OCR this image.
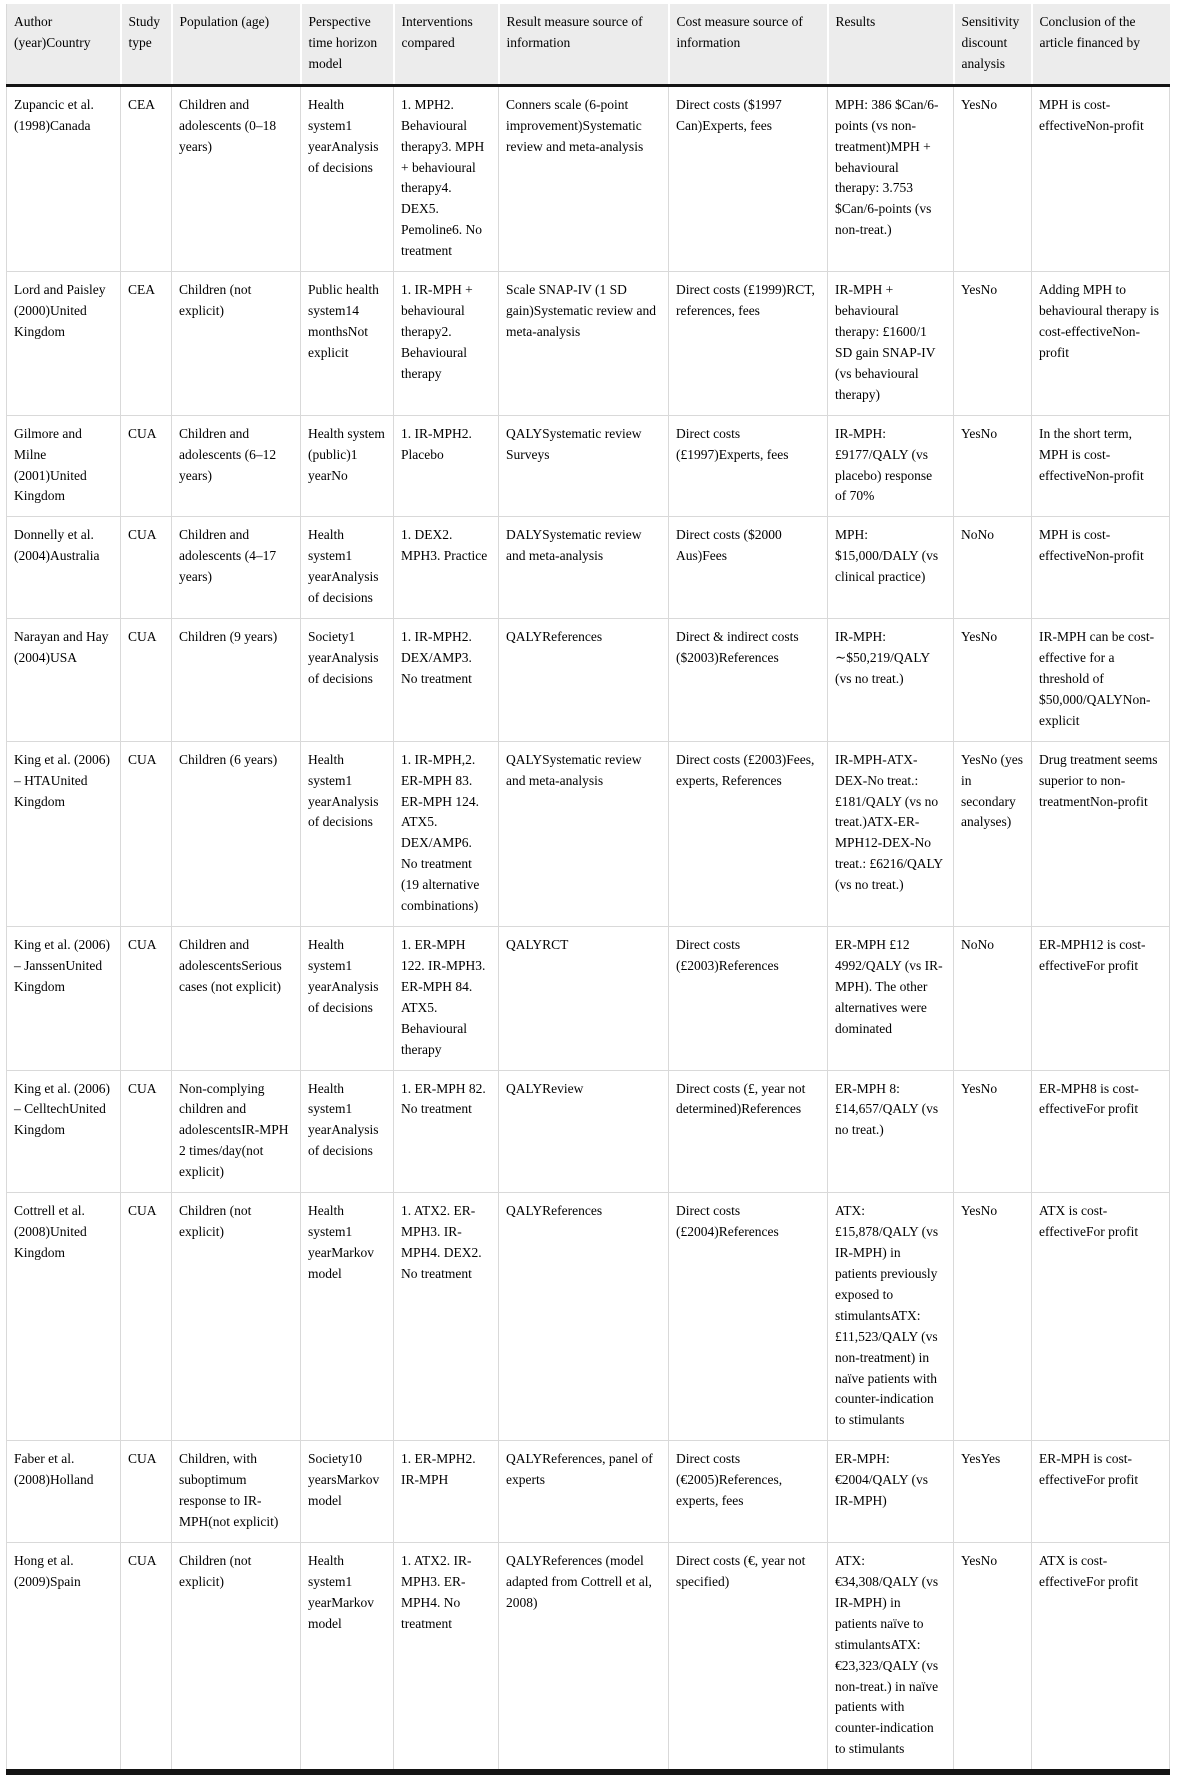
Author (year)Country	Study type	Population (age)	Perspective time horizon model	Interventions compared	Result measure source of information	Cost measure source of information	Results	Sensitivity discount analysis	Conclusion of the article financed by
Zupancic et al. (1998)Canada	CEA	Children and adolescents (0–18 years)	Health system1 yearAnalysis of decisions	1. MPH2. Behavioural therapy3. MPH + behavioural therapy4. DEX5. Pemoline6. No treatment	Conners scale (6-point improvement)Systematic review and meta-analysis	Direct costs ($1997 Can)Experts, fees	MPH: 386 $Can/6-points (vs non-treatment)MPH + behavioural therapy: 3.753 $Can/6-points (vs non-treat.)	YesNo	MPH is cost-effectiveNon-profit
Lord and Paisley (2000)United Kingdom	CEA	Children (not explicit)	Public health system14 monthsNot explicit	1. IR-MPH + behavioural therapy2. Behavioural therapy	Scale SNAP-IV (1 SD gain)Systematic review and meta-analysis	Direct costs (£1999)RCT, references, fees	IR-MPH + behavioural therapy: £1600/1 SD gain SNAP-IV (vs behavioural therapy)	YesNo	Adding MPH to behavioural therapy is cost-effectiveNon-profit
Gilmore and Milne (2001)United Kingdom	CUA	Children and adolescents (6–12 years)	Health system (public)1 yearNo	1. IR-MPH2. Placebo	QALYSystematic review Surveys	Direct costs (£1997)Experts, fees	IR-MPH: £9177/QALY (vs placebo) response of 70%	YesNo	In the short term, MPH is cost-effectiveNon-profit
Donnelly et al. (2004)Australia	CUA	Children and adolescents (4–17 years)	Health system1 yearAnalysis of decisions	1. DEX2. MPH3. Practice	DALYSystematic review and meta-analysis	Direct costs ($2000 Aus)Fees	MPH: $15,000/DALY (vs clinical practice)	NoNo	MPH is cost-effectiveNon-profit
Narayan and Hay (2004)USA	CUA	Children (9 years)	Society1 yearAnalysis of decisions	1. IR-MPH2. DEX/AMP3. No treatment	QALYReferences	Direct & indirect costs ($2003)References	IR-MPH: ∼$50,219/QALY (vs no treat.)	YesNo	IR-MPH can be cost-effective for a threshold of $50,000/QALYNon-explicit
King et al. (2006) – HTAUnited Kingdom	CUA	Children (6 years)	Health system1 yearAnalysis of decisions	1. IR-MPH,2. ER-MPH 83. ER-MPH 124. ATX5. DEX/AMP6. No treatment (19 alternative combinations)	QALYSystematic review and meta-analysis	Direct costs (£2003)Fees, experts, References	IR-MPH-ATX-DEX-No treat.: £181/QALY (vs no treat.)ATX-ER-MPH12-DEX-No treat.: £6216/QALY (vs no treat.)	YesNo (yes in secondary analyses)	Drug treatment seems superior to non-treatmentNon-profit
King et al. (2006) – JanssenUnited Kingdom	CUA	Children and adolescentsSerious cases (not explicit)	Health system1 yearAnalysis of decisions	1. ER-MPH 122. IR-MPH3. ER-MPH 84. ATX5. Behavioural therapy	QALYRCT	Direct costs (£2003)References	ER-MPH £12 4992/QALY (vs IR-MPH). The other alternatives were dominated	NoNo	ER-MPH12 is cost-effectiveFor profit
King et al. (2006) – CelltechUnited Kingdom	CUA	Non-complying children and adolescentsIR-MPH 2 times/day(not explicit)	Health system1 yearAnalysis of decisions	1. ER-MPH 82. No treatment	QALYReview	Direct costs (£, year not determined)References	ER-MPH 8: £14,657/QALY (vs no treat.)	YesNo	ER-MPH8 is cost-effectiveFor profit
Cottrell et al. (2008)United Kingdom	CUA	Children (not explicit)	Health system1 yearMarkov model	1. ATX2. ER-MPH3. IR-MPH4. DEX2. No treatment	QALYReferences	Direct costs (£2004)References	ATX: £15,878/QALY (vs IR-MPH) in patients previously exposed to stimulantsATX: £11,523/QALY (vs non-treatment) in naïve patients with counter-indication to stimulants	YesNo	ATX is cost-effectiveFor profit
Faber et al. (2008)Holland	CUA	Children, with suboptimum response to IR-MPH(not explicit)	Society10 yearsMarkov model	1. ER-MPH2. IR-MPH	QALYReferences, panel of experts	Direct costs (€2005)References, experts, fees	ER-MPH: €2004/QALY (vs IR-MPH)	YesYes	ER-MPH is cost-effectiveFor profit
Hong et al. (2009)Spain	CUA	Children (not explicit)	Health system1 yearMarkov model	1. ATX2. IR-MPH3. ER-MPH4. No treatment	QALYReferences (model adapted from Cottrell et al, 2008)	Direct costs (€, year not specified)	ATX: €34,308/QALY (vs IR-MPH) in patients naïve to stimulantsATX: €23,323/QALY (vs non-treat.) in naïve patients with counter-indication to stimulants	YesNo	ATX is cost-effectiveFor profit
